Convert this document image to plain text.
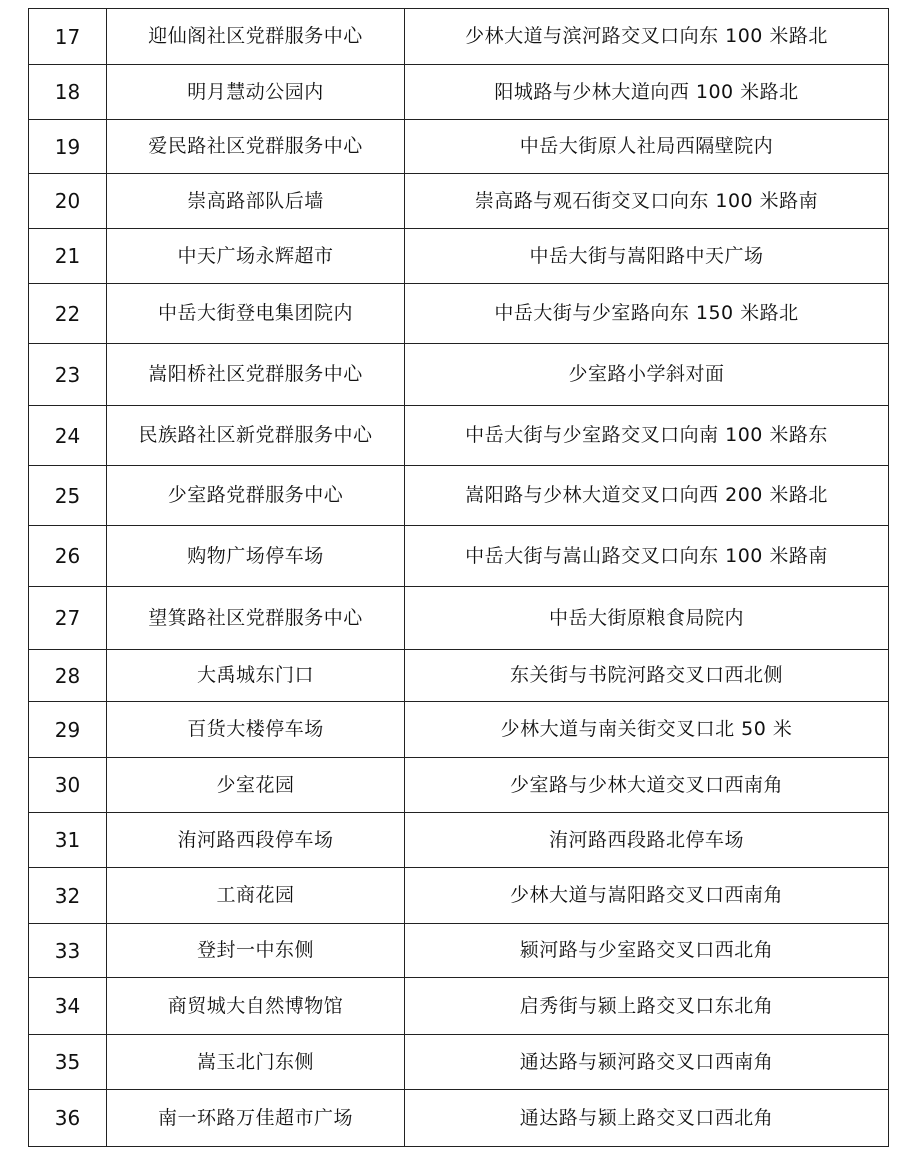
17	迎仙阁社区党群服务中心	少林大道与滨河路交叉口向东 100 米路北
18	明月慧动公园内	阳城路与少林大道向西 100 米路北
19	爱民路社区党群服务中心	中岳大街原人社局西隔壁院内
20	崇高路部队后墙	崇高路与观石街交叉口向东 100 米路南
21	中天广场永辉超市	中岳大街与嵩阳路中天广场
22	中岳大街登电集团院内	中岳大街与少室路向东 150 米路北
23	嵩阳桥社区党群服务中心	少室路小学斜对面
24	民族路社区新党群服务中心	中岳大街与少室路交叉口向南 100 米路东
25	少室路党群服务中心	嵩阳路与少林大道交叉口向西 200 米路北
26	购物广场停车场	中岳大街与嵩山路交叉口向东 100 米路南
27	望箕路社区党群服务中心	中岳大街原粮食局院内
28	大禹城东门口	东关街与书院河路交叉口西北侧
29	百货大楼停车场	少林大道与南关街交叉口北 50 米
30	少室花园	少室路与少林大道交叉口西南角
31	洧河路西段停车场	洧河路西段路北停车场
32	工商花园	少林大道与嵩阳路交叉口西南角
33	登封一中东侧	颍河路与少室路交叉口西北角
34	商贸城大自然博物馆	启秀街与颍上路交叉口东北角
35	嵩玉北门东侧	通达路与颍河路交叉口西南角
36	南一环路万佳超市广场	通达路与颍上路交叉口西北角
